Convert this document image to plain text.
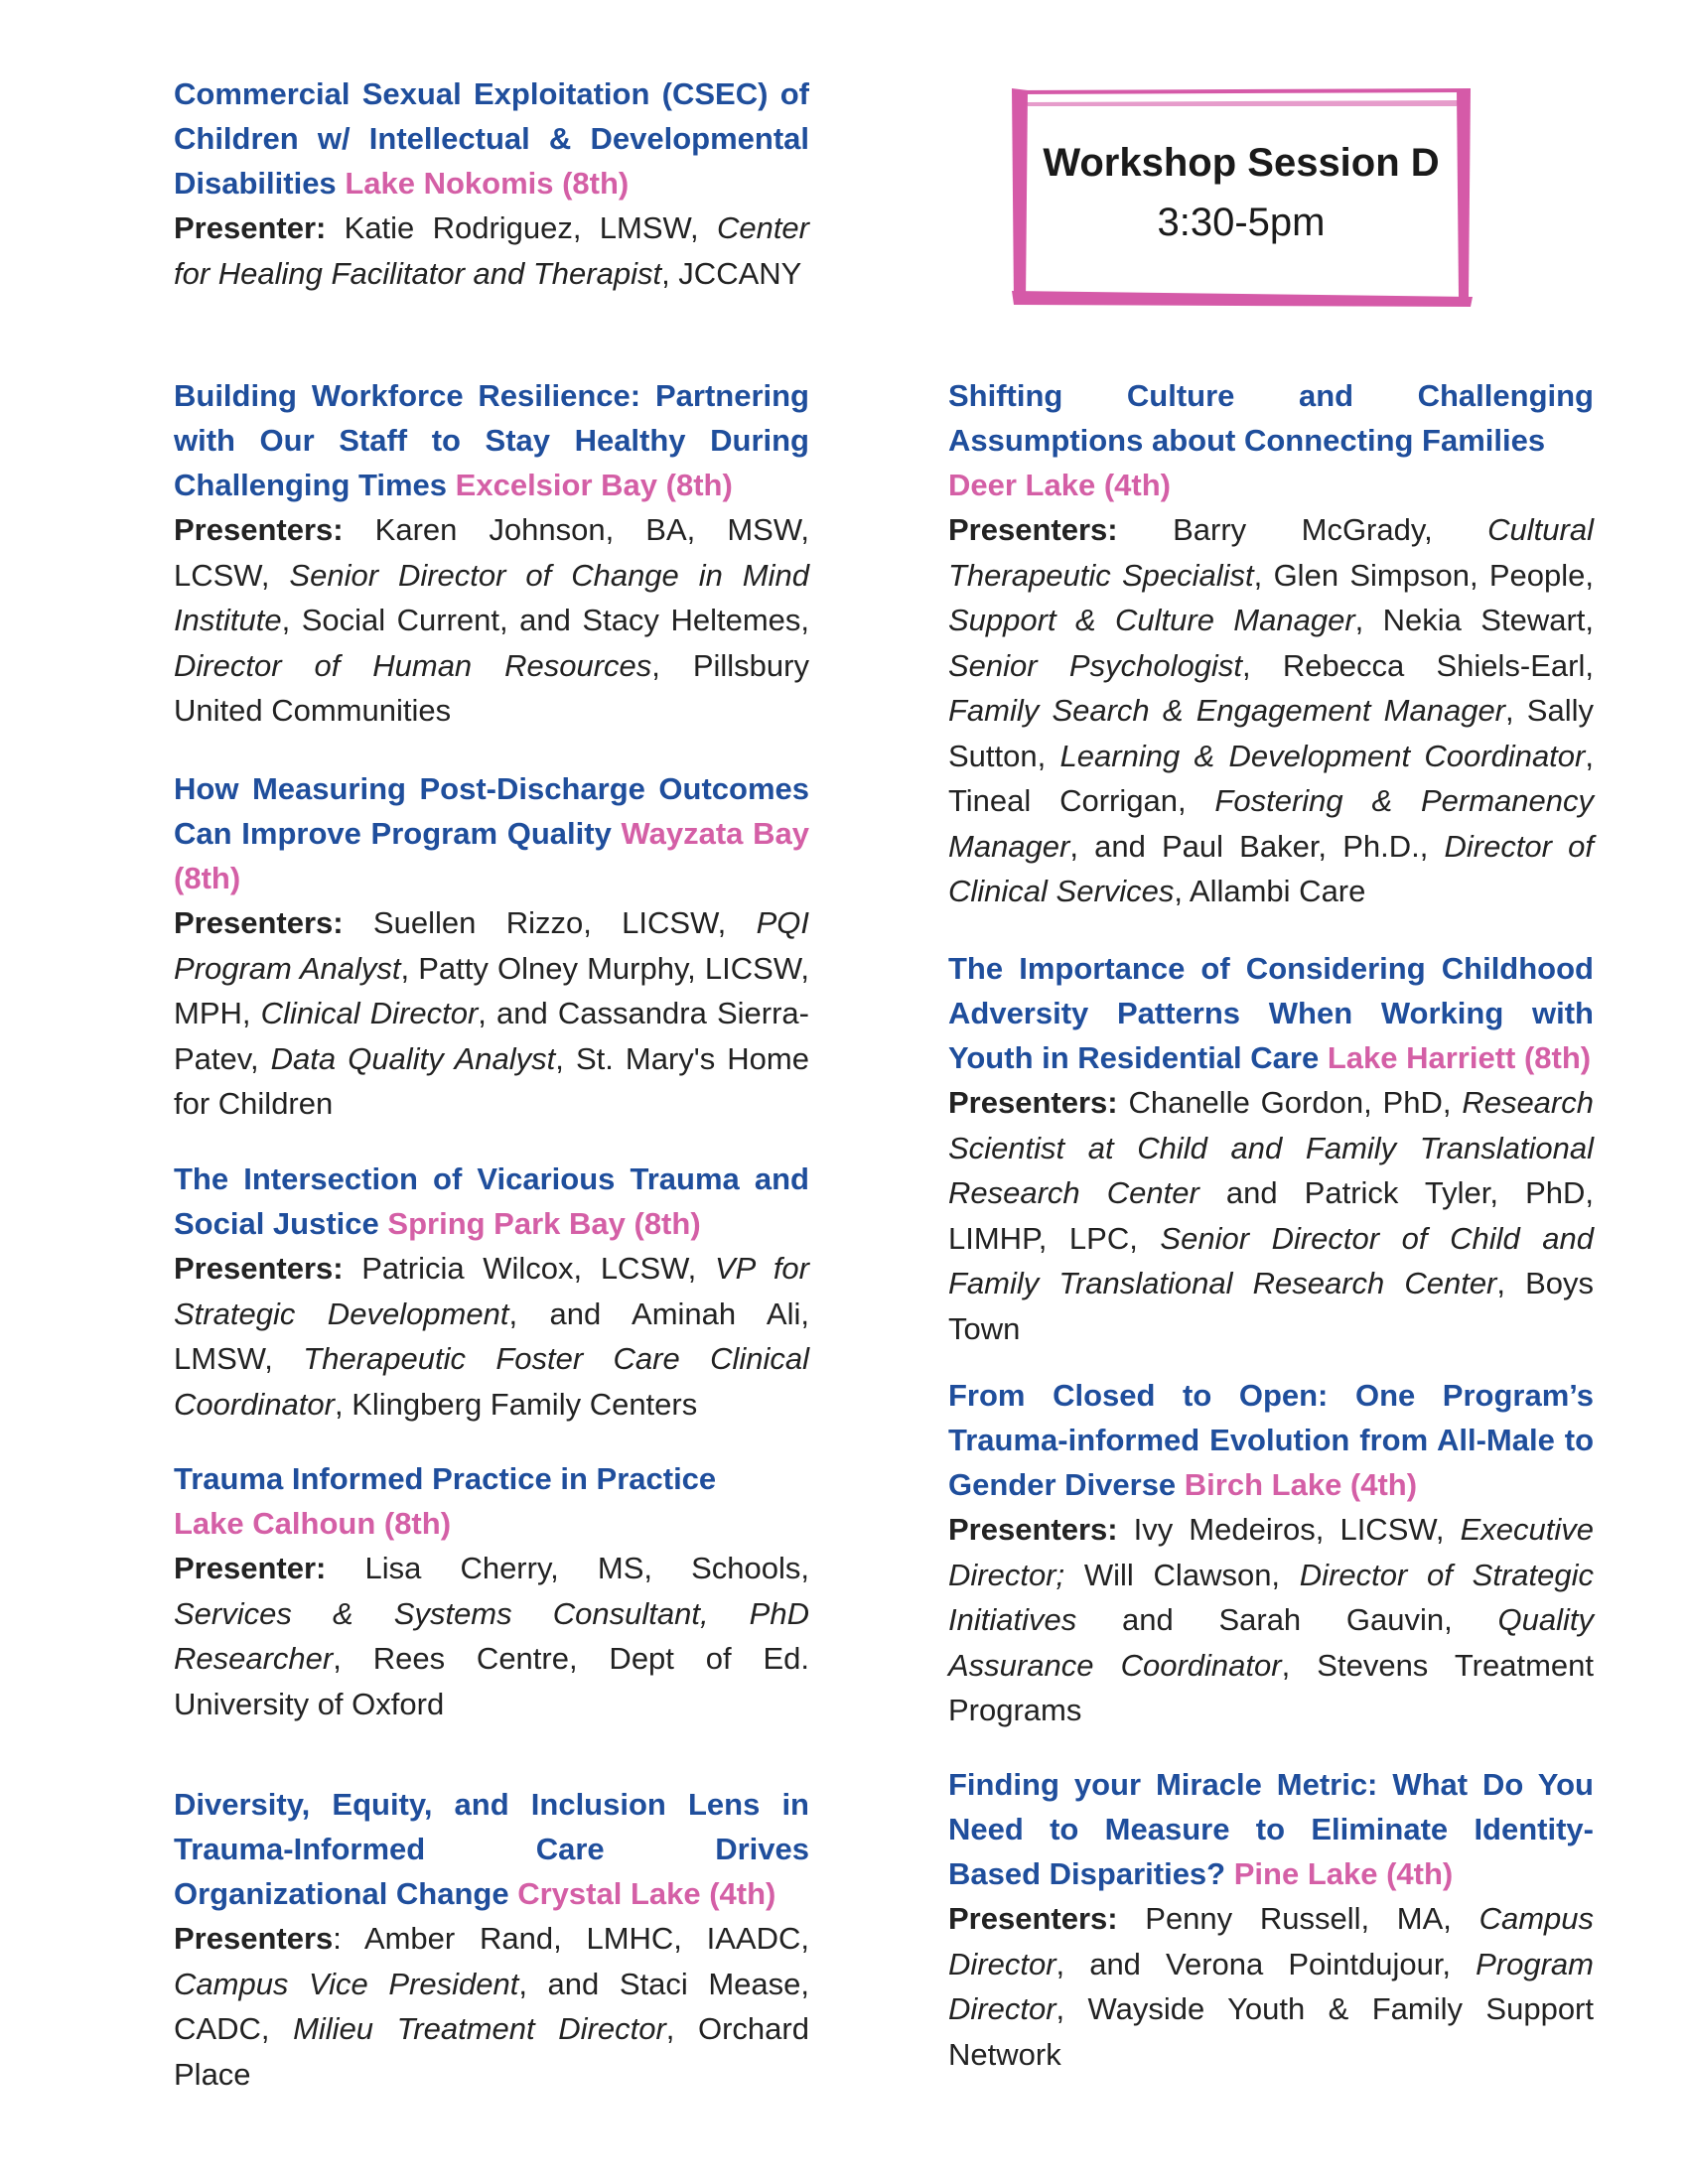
Workshop Session D
3:30-5pm

Commercial Sexual Exploitation (CSEC) of Children w/ Intellectual & Developmental Disabilities Lake Nokomis (8th)

Presenter: Katie Rodriguez, LMSW, Center for Healing Facilitator and Therapist, JCCANY

Building Workforce Resilience: Partnering with Our Staff to Stay Healthy During Challenging Times Excelsior Bay (8th)

Presenters: Karen Johnson, BA, MSW, LCSW, Senior Director of Change in Mind Institute, Social Current, and Stacy Heltemes, Director of Human Resources, Pillsbury United Communities

How Measuring Post-Discharge Outcomes Can Improve Program Quality Wayzata Bay (8th)

Presenters: Suellen Rizzo, LICSW, PQI Program Analyst, Patty Olney Murphy, LICSW, MPH, Clinical Director, and Cassandra Sierra-Patev, Data Quality Analyst, St. Mary's Home for Children

The Intersection of Vicarious Trauma and Social Justice Spring Park Bay (8th)

Presenters: Patricia Wilcox, LCSW, VP for Strategic Development, and Aminah Ali, LMSW, Therapeutic Foster Care Clinical Coordinator, Klingberg Family Centers

Trauma Informed Practice in Practice
Lake Calhoun (8th)

Presenter: Lisa Cherry, MS, Schools, Services & Systems Consultant, PhD Researcher, Rees Centre, Dept of Ed. University of Oxford

Diversity, Equity, and Inclusion Lens in Trauma-Informed Care Drives Organizational Change Crystal Lake (4th)

Presenters: Amber Rand, LMHC, IAADC, Campus Vice President, and Staci Mease, CADC, Milieu Treatment Director, Orchard Place

Shifting Culture and Challenging Assumptions about Connecting Families
Deer Lake (4th)

Presenters: Barry McGrady, Cultural Therapeutic Specialist, Glen Simpson, People, Support & Culture Manager, Nekia Stewart, Senior Psychologist, Rebecca Shiels-Earl, Family Search & Engagement Manager, Sally Sutton, Learning & Development Coordinator, Tineal Corrigan, Fostering & Permanency Manager, and Paul Baker, Ph.D., Director of Clinical Services, Allambi Care

The Importance of Considering Childhood Adversity Patterns When Working with Youth in Residential Care Lake Harriett (8th)

Presenters: Chanelle Gordon, PhD, Research Scientist at Child and Family Translational Research Center and Patrick Tyler, PhD, LIMHP, LPC, Senior Director of Child and Family Translational Research Center, Boys Town

From Closed to Open: One Program’s Trauma-informed Evolution from All-Male to Gender Diverse Birch Lake (4th)

Presenters: Ivy Medeiros, LICSW, Executive Director; Will Clawson, Director of Strategic Initiatives and Sarah Gauvin, Quality Assurance Coordinator, Stevens Treatment Programs

Finding your Miracle Metric: What Do You Need to Measure to Eliminate Identity-Based Disparities? Pine Lake (4th)

Presenters: Penny Russell, MA, Campus Director, and Verona Pointdujour, Program Director, Wayside Youth & Family Support Network
